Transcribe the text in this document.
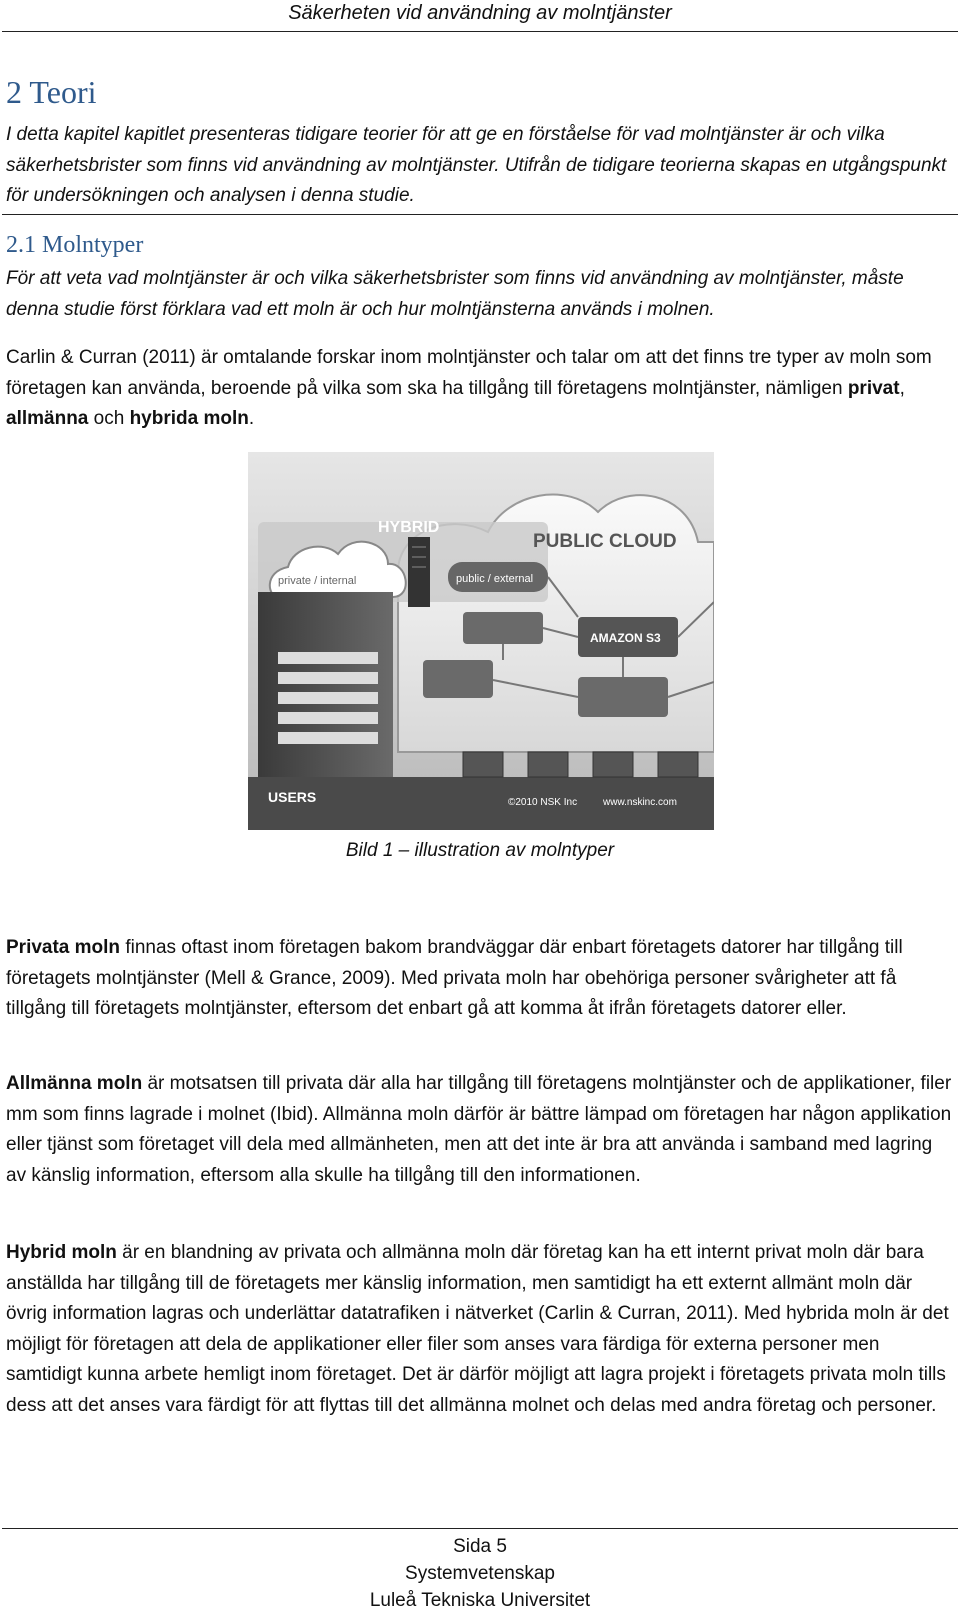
Säkerheten vid användning av molntjänster
2 Teori

I detta kapitel kapitlet presenteras tidigare teorier för att ge en förståelse för vad molntjänster är och vilka säkerhetsbrister som finns vid användning av molntjänster. Utifrån de tidigare teorierna skapas en utgångspunkt för undersökningen och analysen i denna studie.

2.1 Molntyper

För att veta vad molntjänster är och vilka säkerhetsbrister som finns vid användning av molntjänster, måste denna studie först förklara vad ett moln är och hur molntjänsterna används i molnen.

Carlin & Curran (2011) är omtalande forskar inom molntjänster och talar om att det finns tre typer av moln som företagen kan använda, beroende på vilka som ska ha tillgång till företagens molntjänster, nämligen privat, allmänna och hybrida moln.

HYBRID
PUBLIC CLOUD
private / internal	public / external
AMAZON S3
USERS	©2010 NSK Inc	www.nskinc.com
Bild 1 – illustration av molntyper

Privata moln finnas oftast inom företagen bakom brandväggar där enbart företagets datorer har tillgång till företagets molntjänster (Mell & Grance, 2009). Med privata moln har obehöriga personer svårigheter att få tillgång till företagets molntjänster, eftersom det enbart gå att komma åt ifrån företagets datorer eller.

Allmänna moln är motsatsen till privata där alla har tillgång till företagens molntjänster och de applikationer, filer mm som finns lagrade i molnet (Ibid). Allmänna moln därför är bättre lämpad om företagen har någon applikation eller tjänst som företaget vill dela med allmänheten, men att det inte är bra att använda i samband med lagring av känslig information, eftersom alla skulle ha tillgång till den informationen.

Hybrid moln är en blandning av privata och allmänna moln där företag kan ha ett internt privat moln där bara anställda har tillgång till de företagets mer känslig information, men samtidigt ha ett externt allmänt moln där övrig information lagras och underlättar datatrafiken i nätverket (Carlin & Curran, 2011). Med hybrida moln är det möjligt för företagen att dela de applikationer eller filer som anses vara färdiga för externa personer men samtidigt kunna arbete hemligt inom företaget. Det är därför möjligt att lagra projekt i företagets privata moln tills dess att det anses vara färdigt för att flyttas till det allmänna molnet och delas med andra företag och personer.

Sida 5
Systemvetenskap
Luleå Tekniska Universitet
